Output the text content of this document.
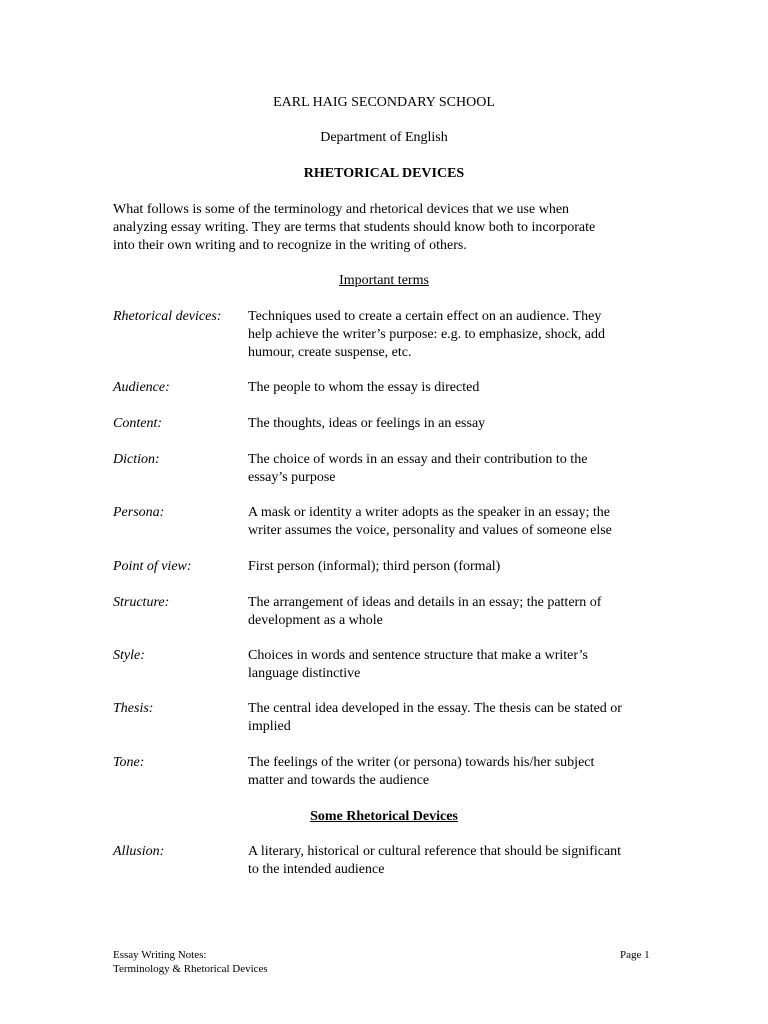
EARL HAIG SECONDARY SCHOOL
Department of English
RHETORICAL DEVICES
What follows is some of the terminology and rhetorical devices that we use when
analyzing essay writing. They are terms that students should know both to incorporate
into their own writing and to recognize in the writing of others.
Important terms
Rhetorical devices: Techniques used to create a certain effect on an audience. They
help achieve the writer’s purpose: e.g. to emphasize, shock, add
humour, create suspense, etc.
Audience:	The people to whom the essay is directed
Content:	The thoughts, ideas or feelings in an essay
Diction:	The choice of words in an essay and their contribution to the
essay’s purpose
Persona:	A mask or identity a writer adopts as the speaker in an essay; the
writer assumes the voice, personality and values of someone else
Point of view:	First person (informal); third person (formal)
Structure:	The arrangement of ideas and details in an essay; the pattern of
development as a whole
Style:	Choices in words and sentence structure that make a writer’s
language distinctive
Thesis:	The central idea developed in the essay. The thesis can be stated or
implied
Tone:	The feelings of the writer (or persona) towards his/her subject
matter and towards the audience
Some Rhetorical Devices
Allusion:	A literary, historical or cultural reference that should be significant
to the intended audience
Essay Writing Notes:
Terminology & Rhetorical Devices
Page 1
